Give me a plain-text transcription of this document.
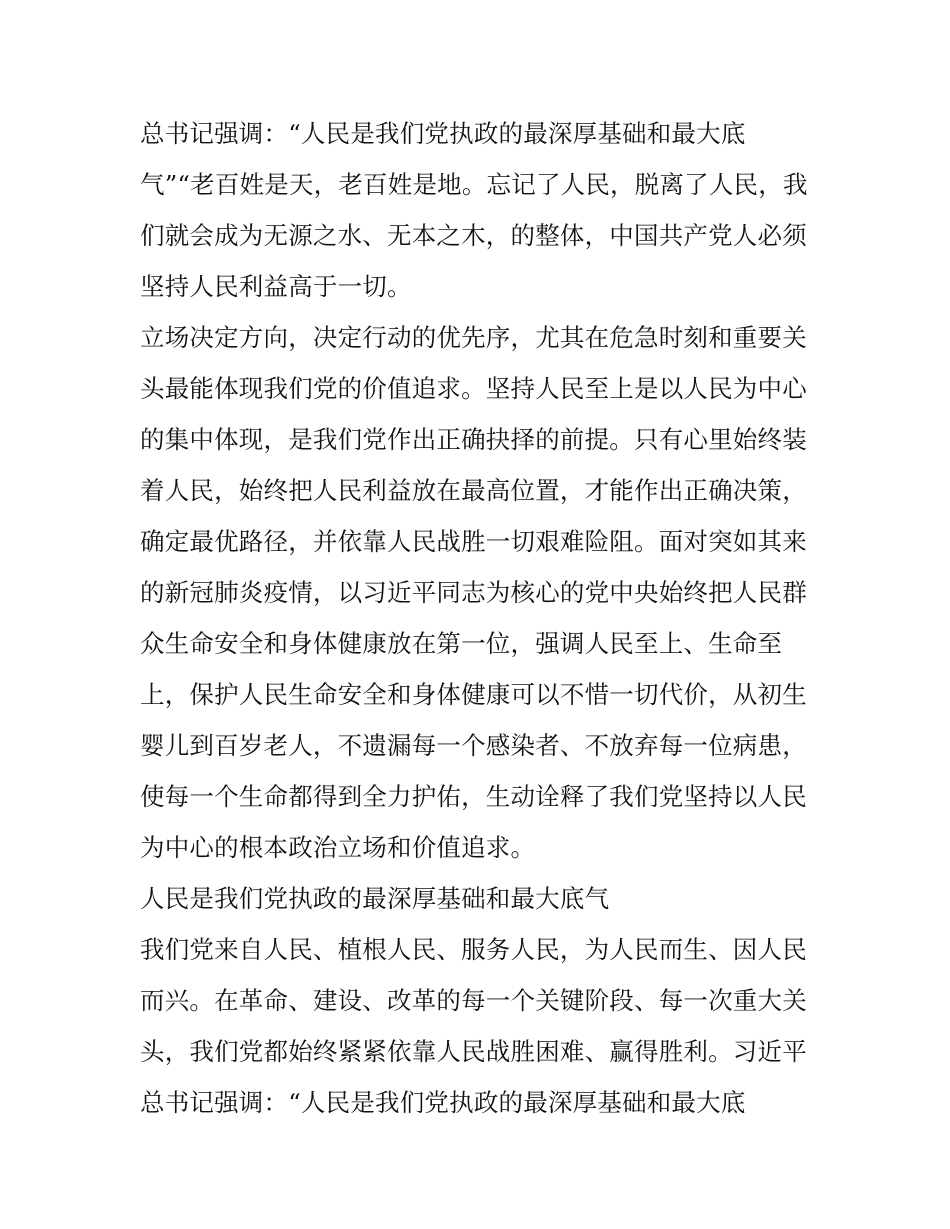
总书记强调：“人民是我们党执政的最深厚基础和最大底
气”“老百姓是天，老百姓是地。忘记了人民，脱离了人民，我
们就会成为无源之水、无本之木，的整体，中国共产党人必须
坚持人民利益高于一切。
立场决定方向，决定行动的优先序，尤其在危急时刻和重要关
头最能体现我们党的价值追求。坚持人民至上是以人民为中心
的集中体现，是我们党作出正确抉择的前提。只有心里始终装
着人民，始终把人民利益放在最高位置，才能作出正确决策，
确定最优路径，并依靠人民战胜一切艰难险阻。面对突如其来
的新冠肺炎疫情，以习近平同志为核心的党中央始终把人民群
众生命安全和身体健康放在第一位，强调人民至上、生命至
上，保护人民生命安全和身体健康可以不惜一切代价，从初生
婴儿到百岁老人，不遗漏每一个感染者、不放弃每一位病患，
使每一个生命都得到全力护佑，生动诠释了我们党坚持以人民
为中心的根本政治立场和价值追求。
人民是我们党执政的最深厚基础和最大底气
我们党来自人民、植根人民、服务人民，为人民而生、因人民
而兴。在革命、建设、改革的每一个关键阶段、每一次重大关
头，我们党都始终紧紧依靠人民战胜困难、赢得胜利。习近平
总书记强调：“人民是我们党执政的最深厚基础和最大底
